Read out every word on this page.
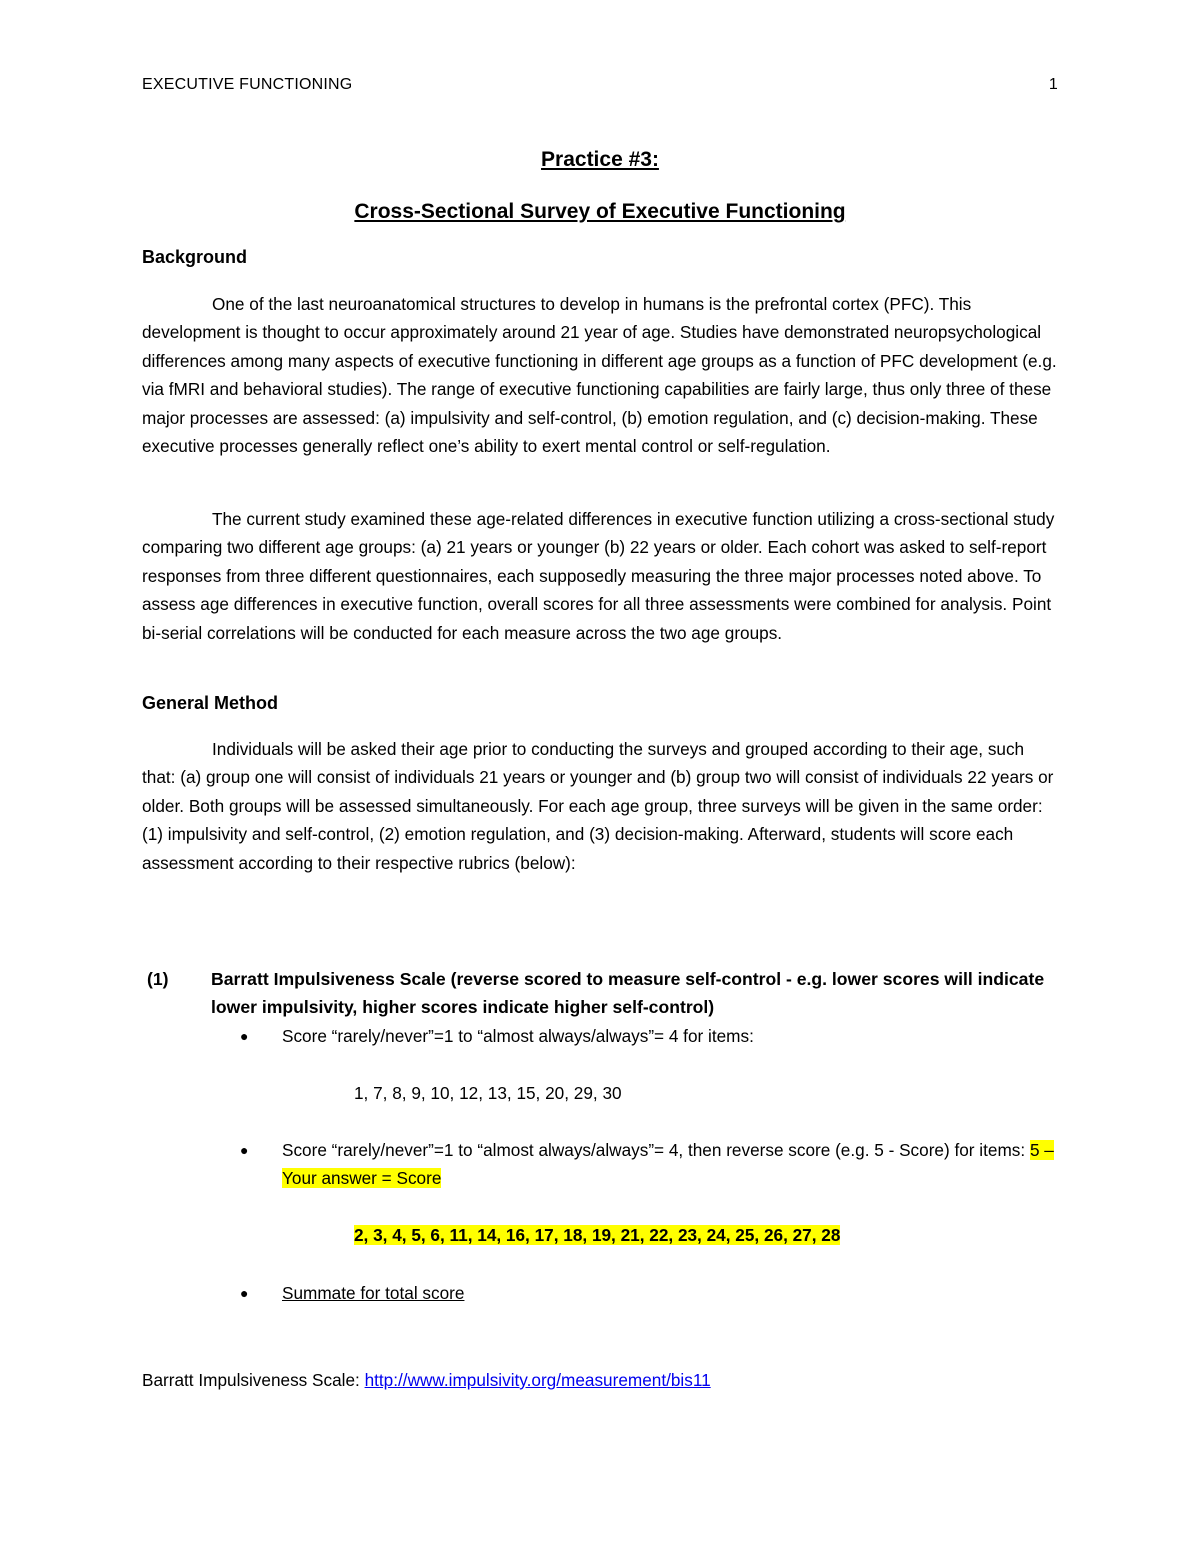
EXECUTIVE FUNCTIONING	1
Practice #3:
Cross-Sectional Survey of Executive Functioning
Background

One of the last neuroanatomical structures to develop in humans is the prefrontal cortex (PFC). This development is thought to occur approximately around 21 year of age. Studies have demonstrated neuropsychological differences among many aspects of executive functioning in different age groups as a function of PFC development (e.g. via fMRI and behavioral studies). The range of executive functioning capabilities are fairly large, thus only three of these major processes are assessed: (a) impulsivity and self-control, (b) emotion regulation, and (c) decision-making. These executive processes generally reflect one’s ability to exert mental control or self-regulation.

The current study examined these age-related differences in executive function utilizing a cross-sectional study comparing two different age groups: (a) 21 years or younger (b) 22 years or older. Each cohort was asked to self-report responses from three different questionnaires, each supposedly measuring the three major processes noted above. To assess age differences in executive function, overall scores for all three assessments were combined for analysis. Point bi-serial correlations will be conducted for each measure across the two age groups.

General Method

Individuals will be asked their age prior to conducting the surveys and grouped according to their age, such that: (a) group one will consist of individuals 21 years or younger and (b) group two will consist of individuals 22 years or older. Both groups will be assessed simultaneously. For each age group, three surveys will be given in the same order: (1) impulsivity and self-control, (2) emotion regulation, and (3) decision-making. Afterward, students will score each assessment according to their respective rubrics (below):

(1) Barratt Impulsiveness Scale (reverse scored to measure self-control - e.g. lower scores will indicate lower impulsivity, higher scores indicate higher self-control)
●	Score “rarely/never”=1 to “almost always/always”= 4 for items:
1, 7, 8, 9, 10, 12, 13, 15, 20, 29, 30
●	Score “rarely/never”=1 to “almost always/always”= 4, then reverse score (e.g. 5 - Score) for items: 5 – Your answer = Score
2, 3, 4, 5, 6, 11, 14, 16, 17, 18, 19, 21, 22, 23, 24, 25, 26, 27, 28
●	Summate for total score
Barratt Impulsiveness Scale: http://www.impulsivity.org/measurement/bis11
